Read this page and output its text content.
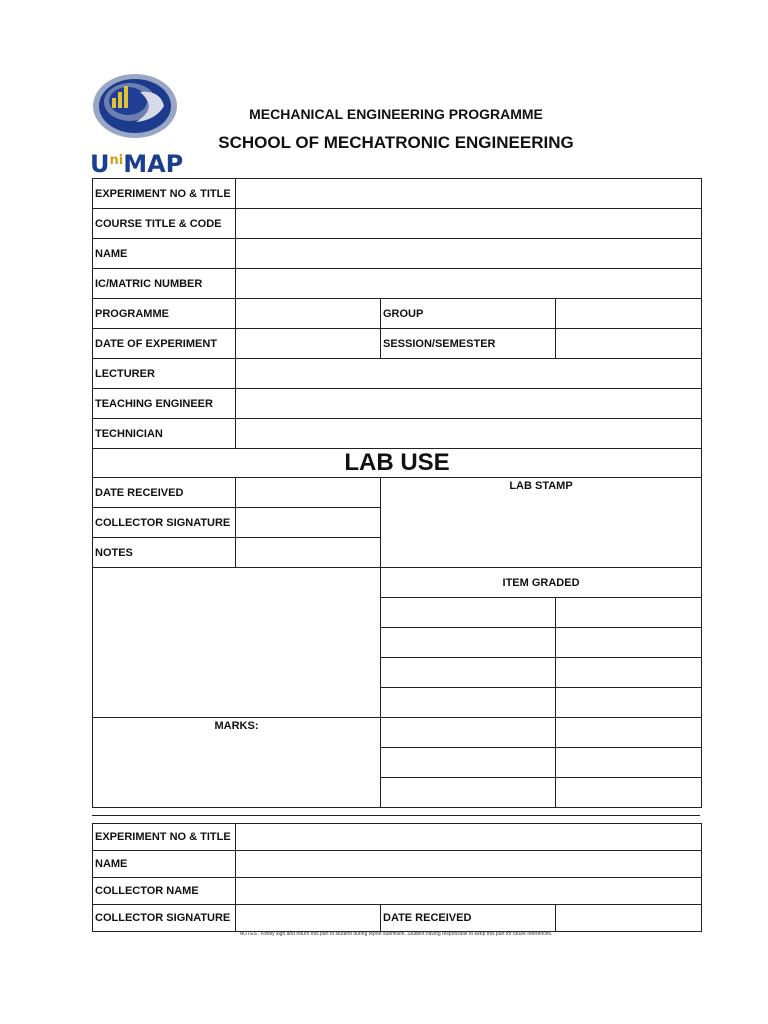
$U^{ni}MAP$
MECHANICAL ENGINEERING PROGRAMME
SCHOOL OF MECHATRONIC ENGINEERING
EXPERIMENT NO & TITLE			
COURSE TITLE & CODE			
NAME			
IC/MATRIC NUMBER			
PROGRAMME		GROUP	
DATE OF EXPERIMENT		SESSION/SEMESTER	
LECTURER			
TEACHING ENGINEER			
TECHNICIAN			
LAB USE			
DATE RECEIVED		LAB STAMP	
COLLECTOR SIGNATURE			
NOTES			
		ITEM GRADED	

MARKS:			

EXPERIMENT NO & TITLE			
NAME			
COLLECTOR NAME			
COLLECTOR SIGNATURE		DATE RECEIVED	
NOTES : Kindly sign and return this part to student during report submition. Student having responsible to keep this part for future references.
